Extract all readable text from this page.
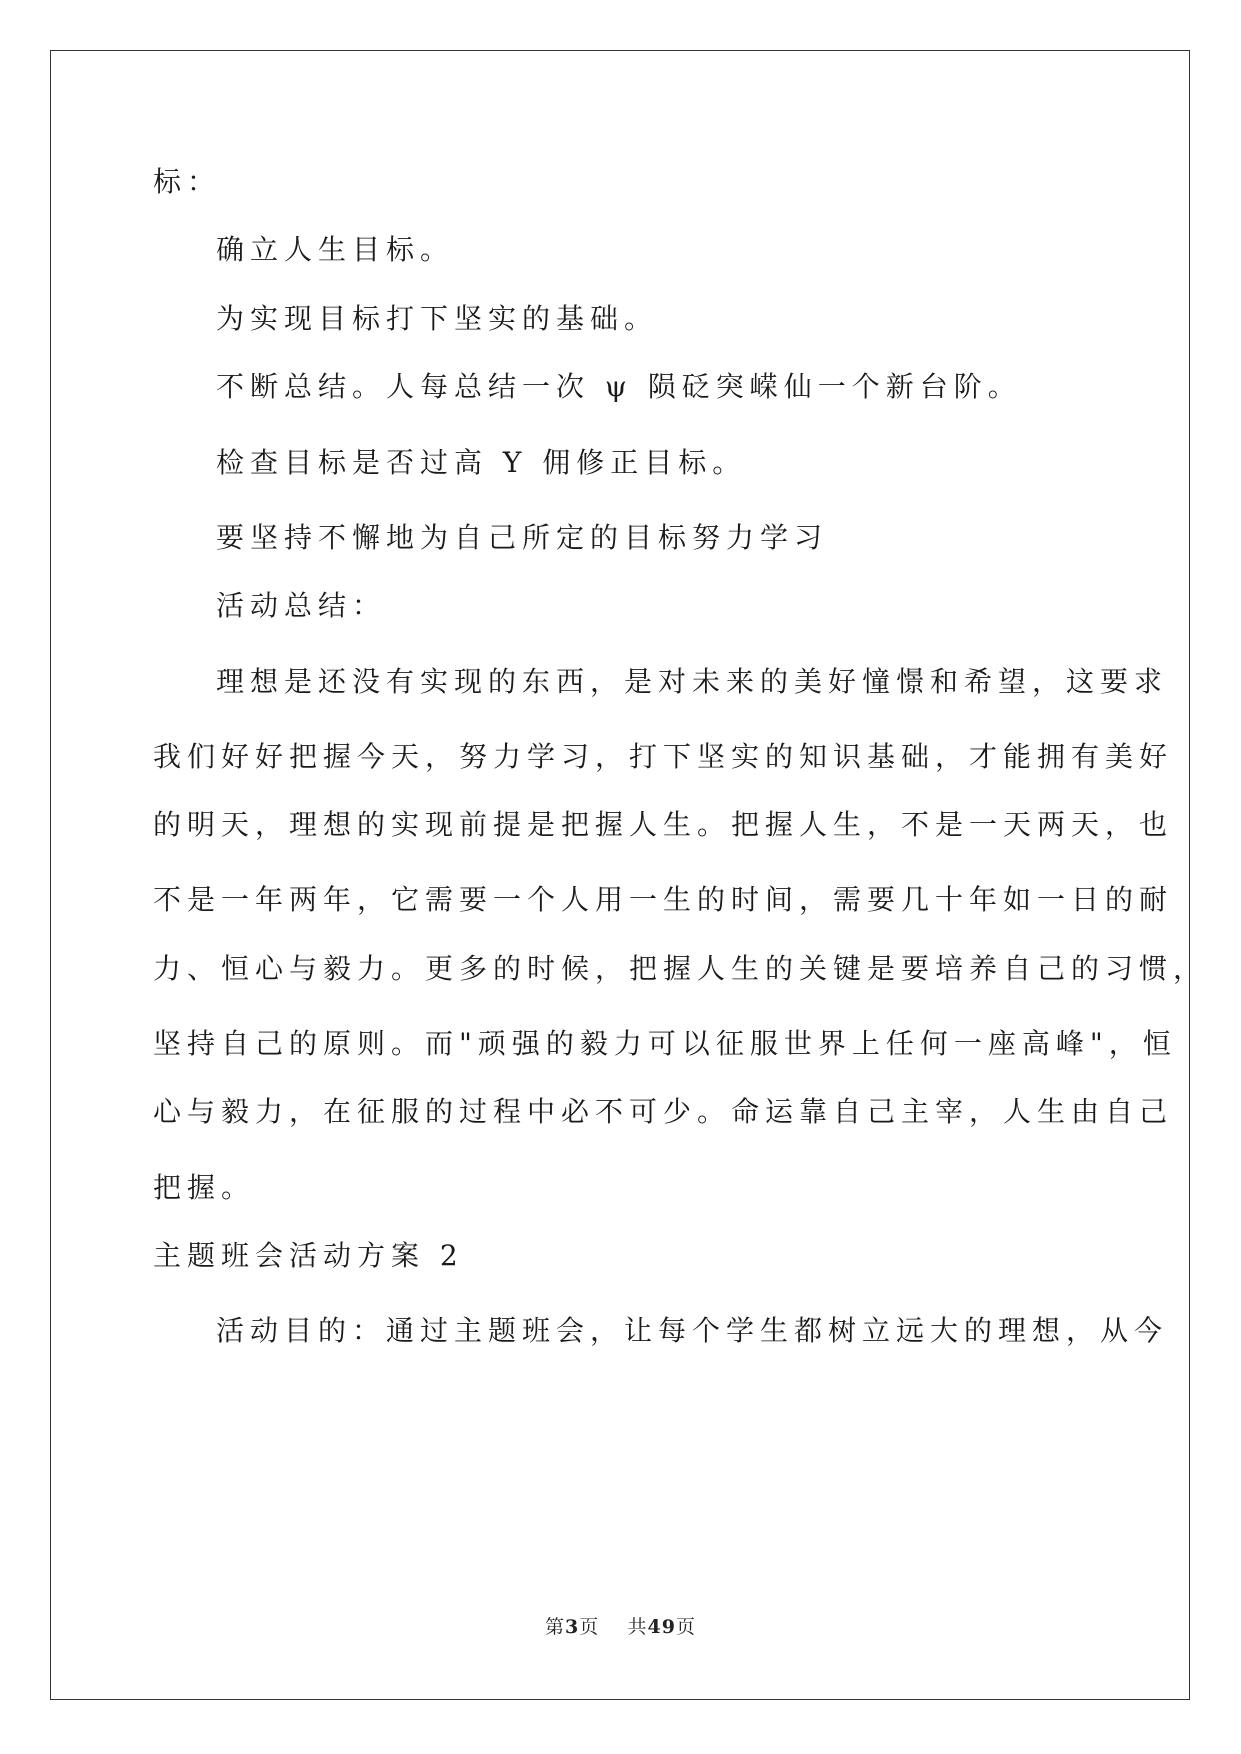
标：
确立人生目标。
为实现目标打下坚实的基础。
不断总结。人每总结一次 ψ 陨砭突嵘仙一个新台阶。
检查目标是否过高 Y 佣修正目标。
要坚持不懈地为自己所定的目标努力学习
活动总结：
理想是还没有实现的东西，是对未来的美好憧憬和希望，这要求
我们好好把握今天，努力学习，打下坚实的知识基础，才能拥有美好
的明天，理想的实现前提是把握人生。把握人生，不是一天两天，也
不是一年两年，它需要一个人用一生的时间，需要几十年如一日的耐
力、恒心与毅力。更多的时候，把握人生的关键是要培养自己的习惯，
坚持自己的原则。而"顽强的毅力可以征服世界上任何一座高峰"，恒
心与毅力，在征服的过程中必不可少。命运靠自己主宰，人生由自己
把握。
主题班会活动方案 2
活动目的：通过主题班会，让每个学生都树立远大的理想，从今
第3页 共49页
